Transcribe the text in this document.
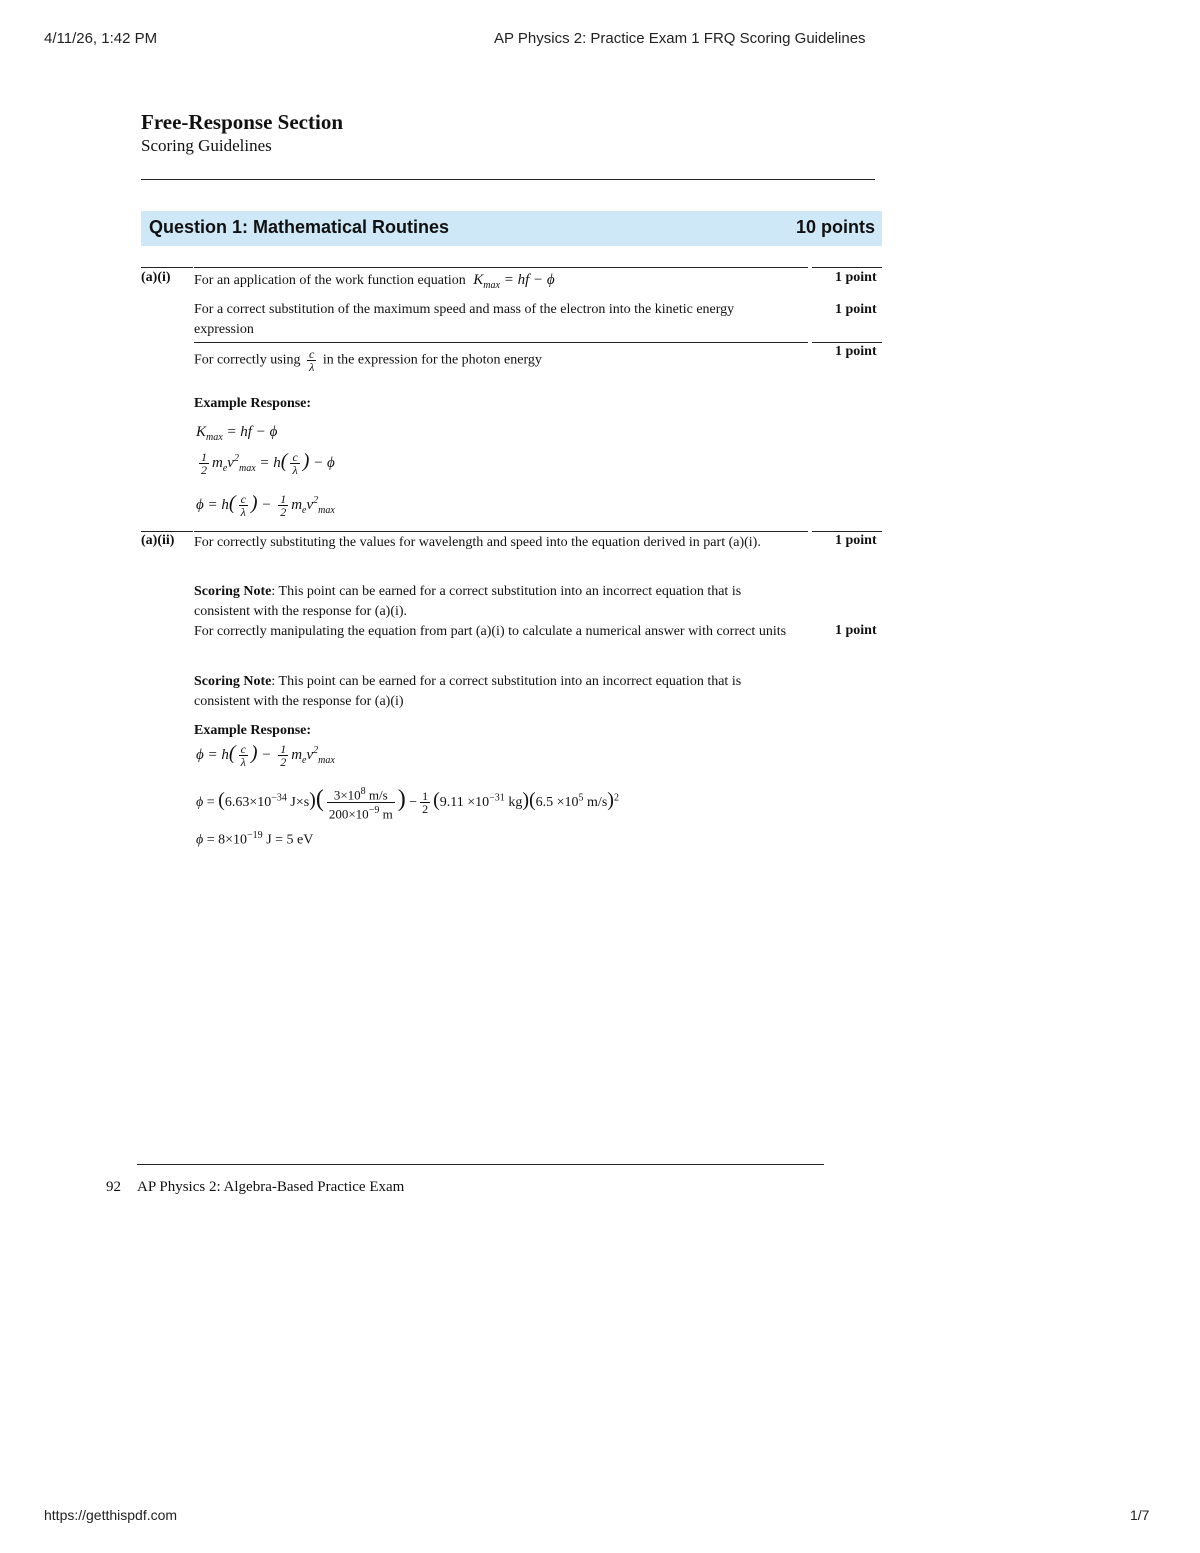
4/11/26, 1:42 PM	AP Physics 2: Practice Exam 1 FRQ Scoring Guidelines
Free-Response Section
Scoring Guidelines
Question 1: Mathematical Routines	10 points
(a)(i) For an application of the work function equation $K_{max}$ = hf − ϕ	1 point
For a correct substitution of the maximum speed and mass of the electron into the kinetic energy expression
1 point
For correctly using $\frac{c}{\lambda}$ in the expression for the photon energy
1 point
Example Response:
$K_{max}$ = hf − ϕ
$\frac{1}{2} m_ev^2_{max} = h( \frac{c}{\lambda}$ ) − ϕ
$\phi = h( \frac{c}{\lambda}$ ) − $\frac{1}{2} m_ev^2_{max}$
(a)(ii) For correctly substituting the values for wavelength and speed into the equation derived in part (a)(i).	1 point
Scoring Note: This point can be earned for a correct substitution into an incorrect equation that is consistent with the response for (a)(i).
For correctly manipulating the equation from part (a)(i) to calculate a numerical answer with correct units	1 point
Scoring Note: This point can be earned for a correct substitution into an incorrect equation that is consistent with the response for (a)(i)
Example Response:
$\phi = h( \frac{c}{\lambda}$ ) − $\frac{1}{2} m_ev^2_{max}$
$\phi = (6.63\times 10^{-34}$ $J\times s)( \frac{3\times 10^8 m/s}{200\times 10^{-9} m}$ ) − $\frac{1}{2} (9.11 \times 10^{-31}$ $kg)(6.5 \times 10^5$ m/s)$^2$
$\phi = 8\times 10^{-19}$ J = 5 eV
92 AP Physics 2: Algebra-Based Practice Exam
https://getthispdf.com	1/7
